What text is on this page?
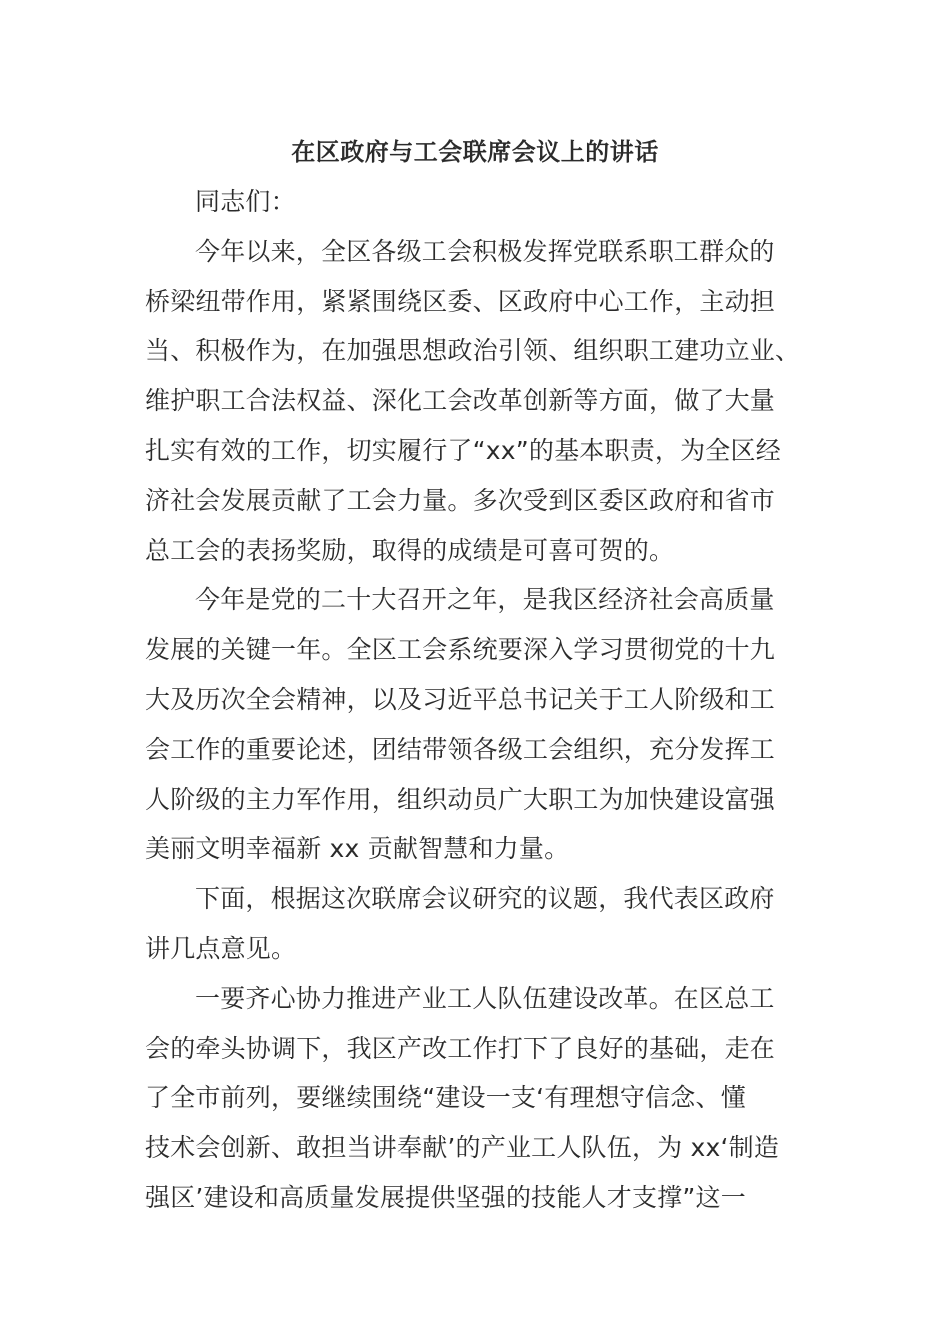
在区政府与工会联席会议上的讲话
同志们：
今年以来，全区各级工会积极发挥党联系职工群众的
桥梁纽带作用，紧紧围绕区委、区政府中心工作，主动担
当、积极作为，在加强思想政治引领、组织职工建功立业、
维护职工合法权益、深化工会改革创新等方面，做了大量
扎实有效的工作，切实履行了“xx”的基本职责，为全区经
济社会发展贡献了工会力量。多次受到区委区政府和省市
总工会的表扬奖励，取得的成绩是可喜可贺的。
今年是党的二十大召开之年，是我区经济社会高质量
发展的关键一年。全区工会系统要深入学习贯彻党的十九
大及历次全会精神，以及习近平总书记关于工人阶级和工
会工作的重要论述，团结带领各级工会组织，充分发挥工
人阶级的主力军作用，组织动员广大职工为加快建设富强
美丽文明幸福新 xx 贡献智慧和力量。
下面，根据这次联席会议研究的议题，我代表区政府
讲几点意见。
一要齐心协力推进产业工人队伍建设改革。在区总工
会的牵头协调下，我区产改工作打下了良好的基础，走在
了全市前列，要继续围绕“建设一支‘有理想守信念、懂
技术会创新、敢担当讲奉献’的产业工人队伍，为 xx‘制造
强区’建设和高质量发展提供坚强的技能人才支撑”这一
